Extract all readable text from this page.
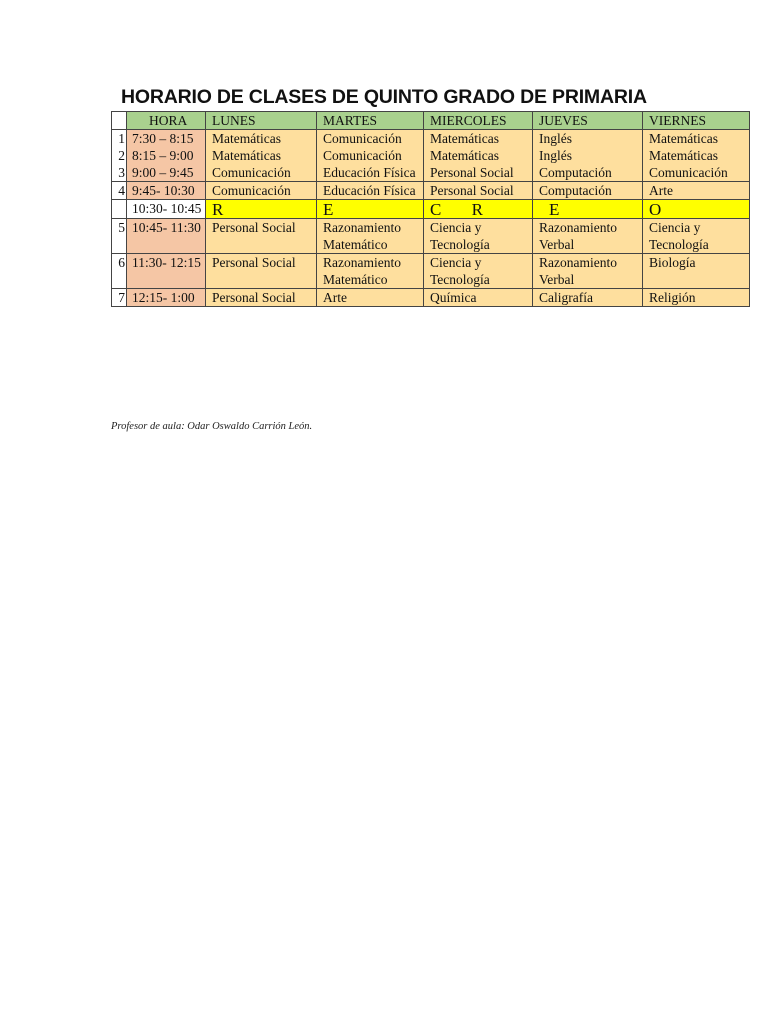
HORARIO DE CLASES DE QUINTO GRADO DE PRIMARIA
	HORA	LUNES	MARTES	MIERCOLES	JUEVES	VIERNES
1	7:30 – 8:15	Matemáticas	Comunicación	Matemáticas	Inglés	Matemáticas
2	8:15 – 9:00	Matemáticas	Comunicación	Matemáticas	Inglés	Matemáticas
3	9:00 – 9:45	Comunicación	Educación Física	Personal Social	Computación	Comunicación
4	9:45- 10:30	Comunicación	Educación Física	Personal Social	Computación	Arte
	10:30- 10:45	R	E	C R	E	O
5	10:45- 11:30	Personal Social	Razonamiento Matemático	Ciencia y Tecnología	Razonamiento Verbal	Ciencia y Tecnología
6	11:30- 12:15	Personal Social	Razonamiento Matemático	Ciencia y Tecnología	Razonamiento Verbal	Biología
7	12:15- 1:00	Personal Social	Arte	Química	Caligrafía	Religión
Profesor de aula: Odar Oswaldo Carrión León.
